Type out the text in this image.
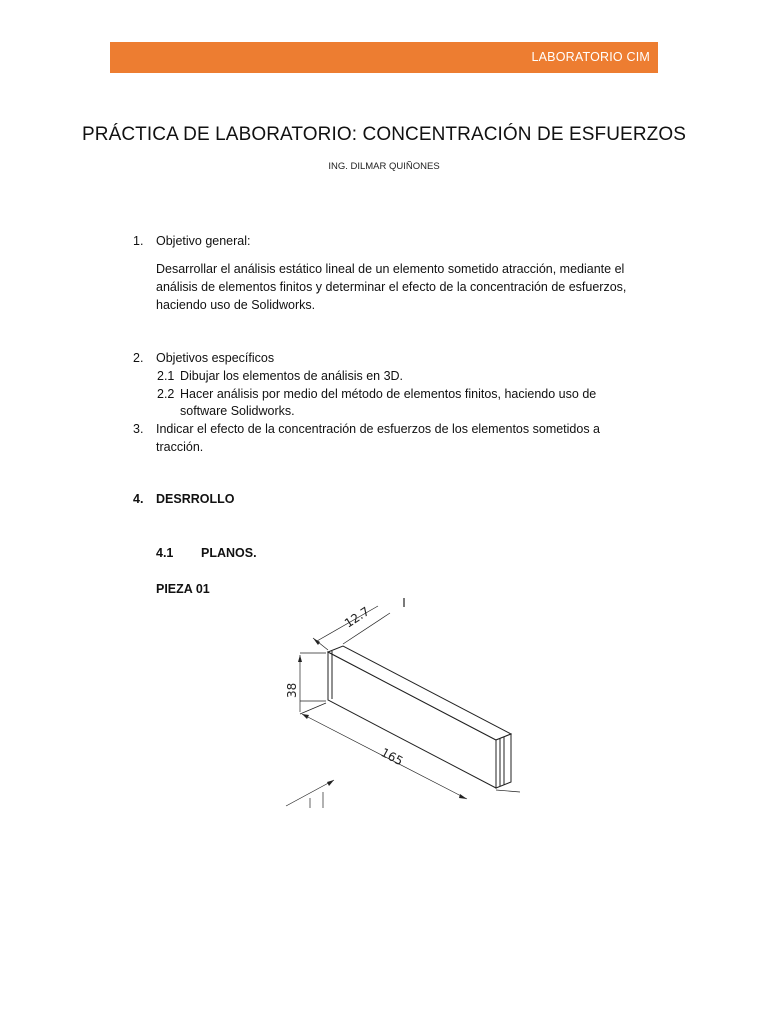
LABORATORIO CIM
PRÁCTICA DE LABORATORIO: CONCENTRACIÓN DE ESFUERZOS
ING. DILMAR QUIÑONES
1. Objetivo general:
Desarrollar el análisis estático lineal de un elemento sometido atracción, mediante el análisis de elementos finitos y determinar el efecto de la concentración de esfuerzos, haciendo uso de Solidworks.
2. Objetivos específicos
2.1 Dibujar los elementos de análisis en 3D.
2.2 Hacer análisis por medio del método de elementos finitos, haciendo uso de
software Solidworks.
3. Indicar el efecto de la concentración de esfuerzos de los elementos sometidos a
tracción.
4. DESRROLLO
4.1 PLANOS.
PIEZA 01
12.7
38
165
